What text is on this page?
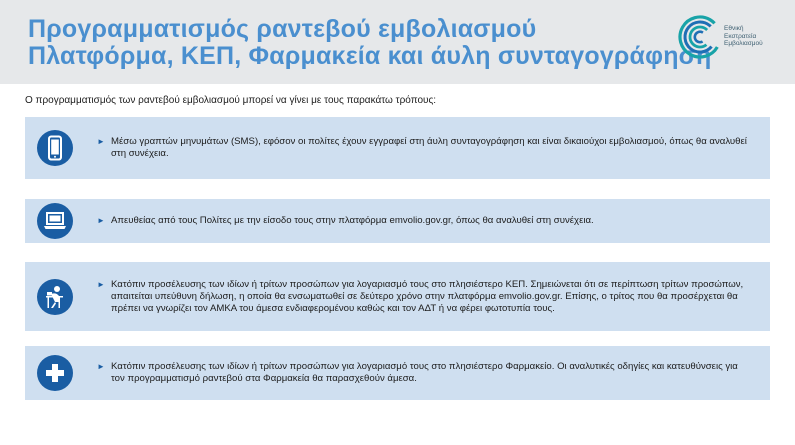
Προγραμματισμός ραντεβού εμβολιασμού
Πλατφόρμα, ΚΕΠ, Φαρμακεία και άυλη συνταγογράφηση
Εθνική
Εκστρατεία
Εμβολιασμού
Ο προγραμματισμός των ραντεβού εμβολιασμού μπορεί να γίνει με τους παρακάτω τρόπους:
► Μέσω γραπτών μηνυμάτων (SMS), εφόσον οι πολίτες έχουν εγγραφεί στη άυλη συνταγογράφηση και είναι δικαιούχοι εμβολιασμού, όπως θα αναλυθεί στη συνέχεια.
► Απευθείας από τους Πολίτες με την είσοδο τους στην πλατφόρμα emvolio.gov.gr, όπως θα αναλυθεί στη συνέχεια.
► Κατόπιν προσέλευσης των ιδίων ή τρίτων προσώπων για λογαριασμό τους στο πλησιέστερο ΚΕΠ. Σημειώνεται ότι σε περίπτωση τρίτων προσώπων, απαιτείται υπεύθυνη δήλωση, η οποία θα ενσωματωθεί σε δεύτερο χρόνο στην πλατφόρμα emvolio.gov.gr. Επίσης, ο τρίτος που θα προσέρχεται θα πρέπει να γνωρίζει τον ΑΜΚΑ του άμεσα ενδιαφερομένου καθώς και τον ΑΔΤ ή να φέρει φωτοτυπία τους.
► Κατόπιν προσέλευσης των ιδίων ή τρίτων προσώπων για λογαριασμό τους στο πλησιέστερο Φαρμακείο. Οι αναλυτικές οδηγίες και κατευθύνσεις για τον προγραμματισμό ραντεβού στα Φαρμακεία θα παρασχεθούν άμεσα.
